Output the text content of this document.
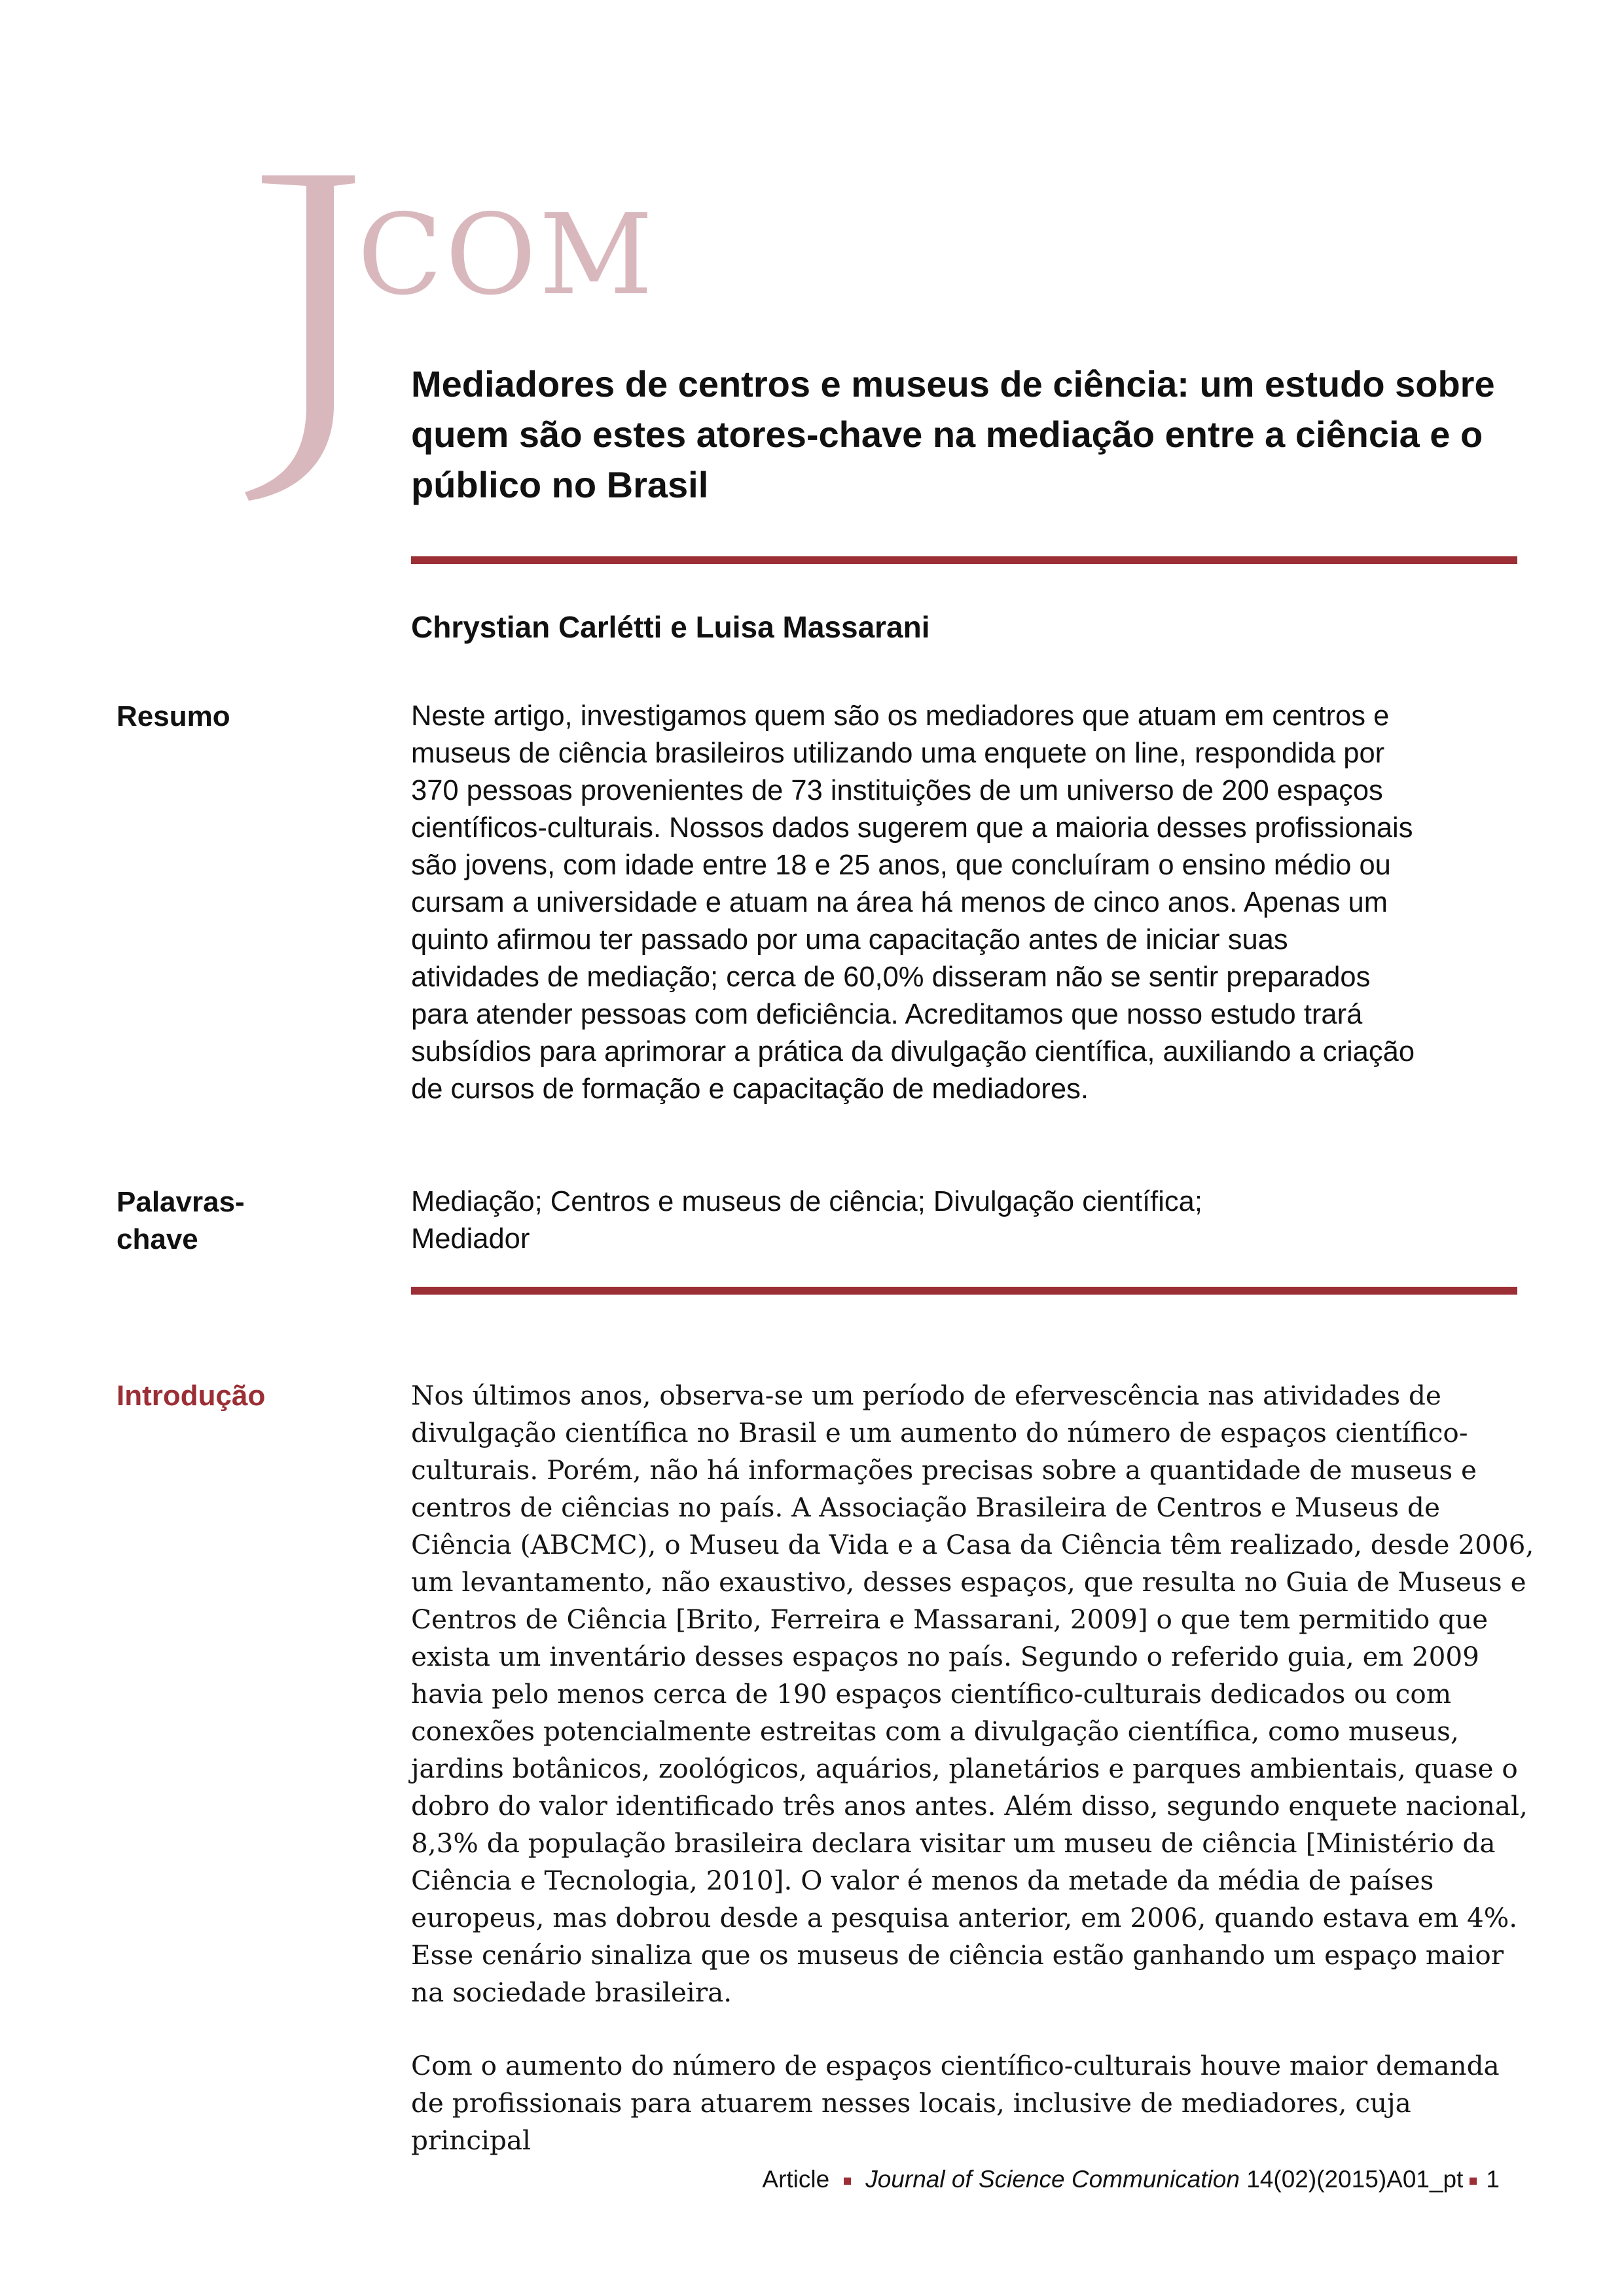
COM
Mediadores de centros e museus de ciência: um estudo sobre quem são estes atores-chave na mediação entre a ciência e o público no Brasil
Chrystian Carlétti e Luisa Massarani
Resumo	Neste artigo, investigamos quem são os mediadores que atuam em centros e museus de ciência brasileiros utilizando uma enquete on line, respondida por 370 pessoas provenientes de 73 instituições de um universo de 200 espaços científicos-culturais. Nossos dados sugerem que a maioria desses profissionais são jovens, com idade entre 18 e 25 anos, que concluíram o ensino médio ou cursam a universidade e atuam na área há menos de cinco anos. Apenas um quinto afirmou ter passado por uma capacitação antes de iniciar suas atividades de mediação; cerca de 60,0% disseram não se sentir preparados para atender pessoas com deficiência. Acreditamos que nosso estudo trará subsídios para aprimorar a prática da divulgação científica, auxiliando a criação de cursos de formação e capacitação de mediadores.

Palavras-
chave
Mediação; Centros e museus de ciência; Divulgação científica;
Mediador
Introdução	Nos últimos anos, observa-se um período de efervescência nas atividades de divulgação científica no Brasil e um aumento do número de espaços científico-culturais. Porém, não há informações precisas sobre a quantidade de museus e centros de ciências no país. A Associação Brasileira de Centros e Museus de Ciência (ABCMC), o Museu da Vida e a Casa da Ciência têm realizado, desde 2006, um levantamento, não exaustivo, desses espaços, que resulta no Guia de Museus e Centros de Ciência [Brito, Ferreira e Massarani, 2009] o que tem permitido que exista um inventário desses espaços no país. Segundo o referido guia, em 2009 havia pelo menos cerca de 190 espaços científico-culturais dedicados ou com conexões potencialmente estreitas com a divulgação científica, como museus, jardins botânicos, zoológicos, aquários, planetários e parques ambientais, quase o dobro do valor identificado três anos antes. Além disso, segundo enquete nacional, 8,3% da população brasileira declara visitar um museu de ciência [Ministério da Ciência e Tecnologia, 2010]. O valor é menos da metade da média de países europeus, mas dobrou desde a pesquisa anterior, em 2006, quando estava em 4%. Esse cenário sinaliza que os museus de ciência estão ganhando um espaço maior na sociedade brasileira.

Com o aumento do número de espaços científico-culturais houve maior demanda de profissionais para atuarem nesses locais, inclusive de mediadores, cuja principal

Article Journal of Science Communication 14(02)(2015)A01_pt 1
